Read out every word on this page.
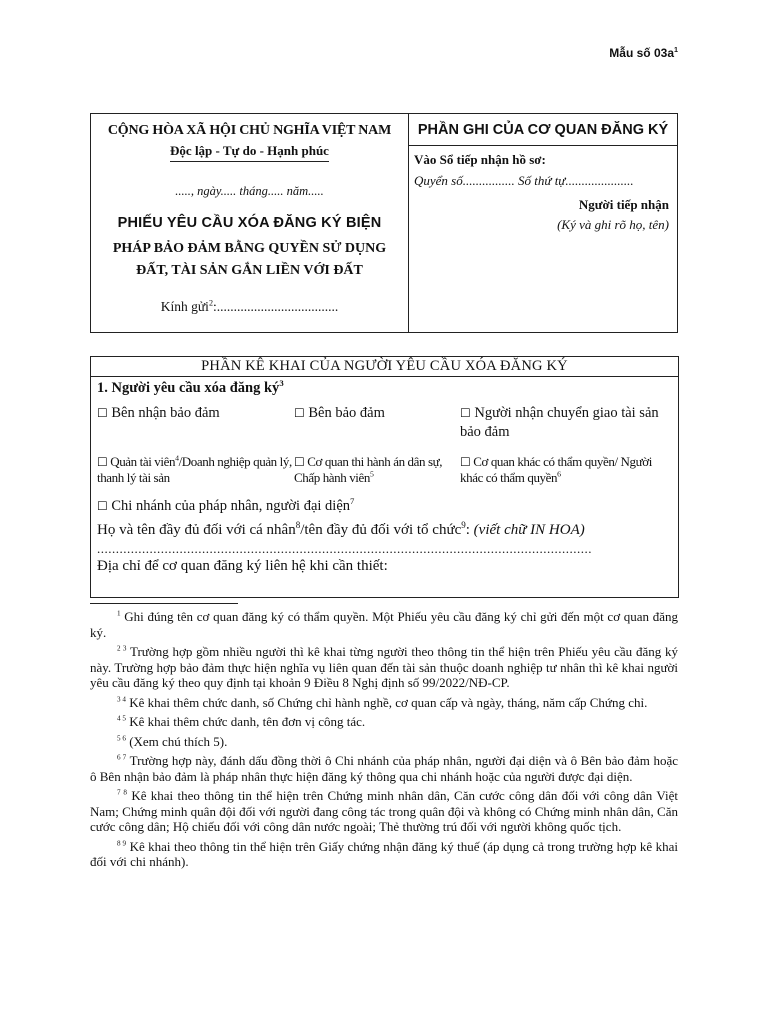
Mẫu số $03a^1$
CỘNG HÒA XÃ HỘI CHỦ NGHĨA VIỆT NAM
Độc lập - Tự do - Hạnh phúc
....., ngày..... tháng..... năm.....
PHIẾU YÊU CẦU XÓA ĐĂNG KÝ BIỆN
PHÁP BẢO ĐẢM BẰNG QUYỀN SỬ DỤNG
ĐẤT, TÀI SẢN GẮN LIỀN VỚI ĐẤT
Kính gửi$^2$:....................................
PHẦN GHI CỦA CƠ QUAN ĐĂNG KÝ
Vào Sổ tiếp nhận hồ sơ:
Quyển số................ Số thứ tự.....................
Người tiếp nhận
(Ký và ghi rõ họ, tên)
PHẦN KÊ KHAI CỦA NGƯỜI YÊU CẦU XÓA ĐĂNG KÝ
1. Người yêu cầu xóa đăng $ký^3$
☐ Bên nhận bảo đảm	☐ Bên bảo đảm	☐ Người nhận chuyển giao tài sản bảo đảm
☐ Quản tài viên$^4$/Doanh nghiệp quản lý, thanh lý tài sản
☐ Cơ quan thi hành án dân sự, Chấp hành viên$^5$
☐ Cơ quan khác có thẩm quyền/ Người khác có thẩm quyền$^6$
☐ Chi nhánh của pháp nhân, người đại diện$^7$
Họ và tên đầy đủ đối với cá nhân$^8$/tên đầy đủ đối với tổ chức$^9$: (viết chữ IN HOA)
....................................................................................................................................
Địa chỉ để cơ quan đăng ký liên hệ khi cần thiết:

$^1$ Ghi đúng tên cơ quan đăng ký có thẩm quyền. Một Phiếu yêu cầu đăng ký chỉ gửi đến một cơ quan đăng ký.

$^{2 3}$ Trường hợp gồm nhiều người thì kê khai từng người theo thông tin thể hiện trên Phiếu yêu cầu đăng ký này. Trường hợp bảo đảm thực hiện nghĩa vụ liên quan đến tài sản thuộc doanh nghiệp tư nhân thì kê khai người yêu cầu đăng ký theo quy định tại khoản 9 Điều 8 Nghị định số 99/2022/NĐ-CP.

$^{3 4}$ Kê khai thêm chức danh, số Chứng chỉ hành nghề, cơ quan cấp và ngày, tháng, năm cấp Chứng chỉ.

$^{4 5}$ Kê khai thêm chức danh, tên đơn vị công tác.

$^{5 6}$ (Xem chú thích 5).

$^{6 7}$ Trường hợp này, đánh dấu đồng thời ô Chi nhánh của pháp nhân, người đại diện và ô Bên bảo đảm hoặc ô Bên nhận bảo đảm là pháp nhân thực hiện đăng ký thông qua chi nhánh hoặc của người được đại diện.

$^{7 8}$ Kê khai theo thông tin thể hiện trên Chứng minh nhân dân, Căn cước công dân đối với công dân Việt Nam; Chứng minh quân đội đối với người đang công tác trong quân đội và không có Chứng minh nhân dân, Căn cước công dân; Hộ chiếu đối với công dân nước ngoài; Thẻ thường trú đối với người không quốc tịch.

$^{8 9}$ Kê khai theo thông tin thể hiện trên Giấy chứng nhận đăng ký thuế (áp dụng cả trong trường hợp kê khai đối với chi nhánh).
